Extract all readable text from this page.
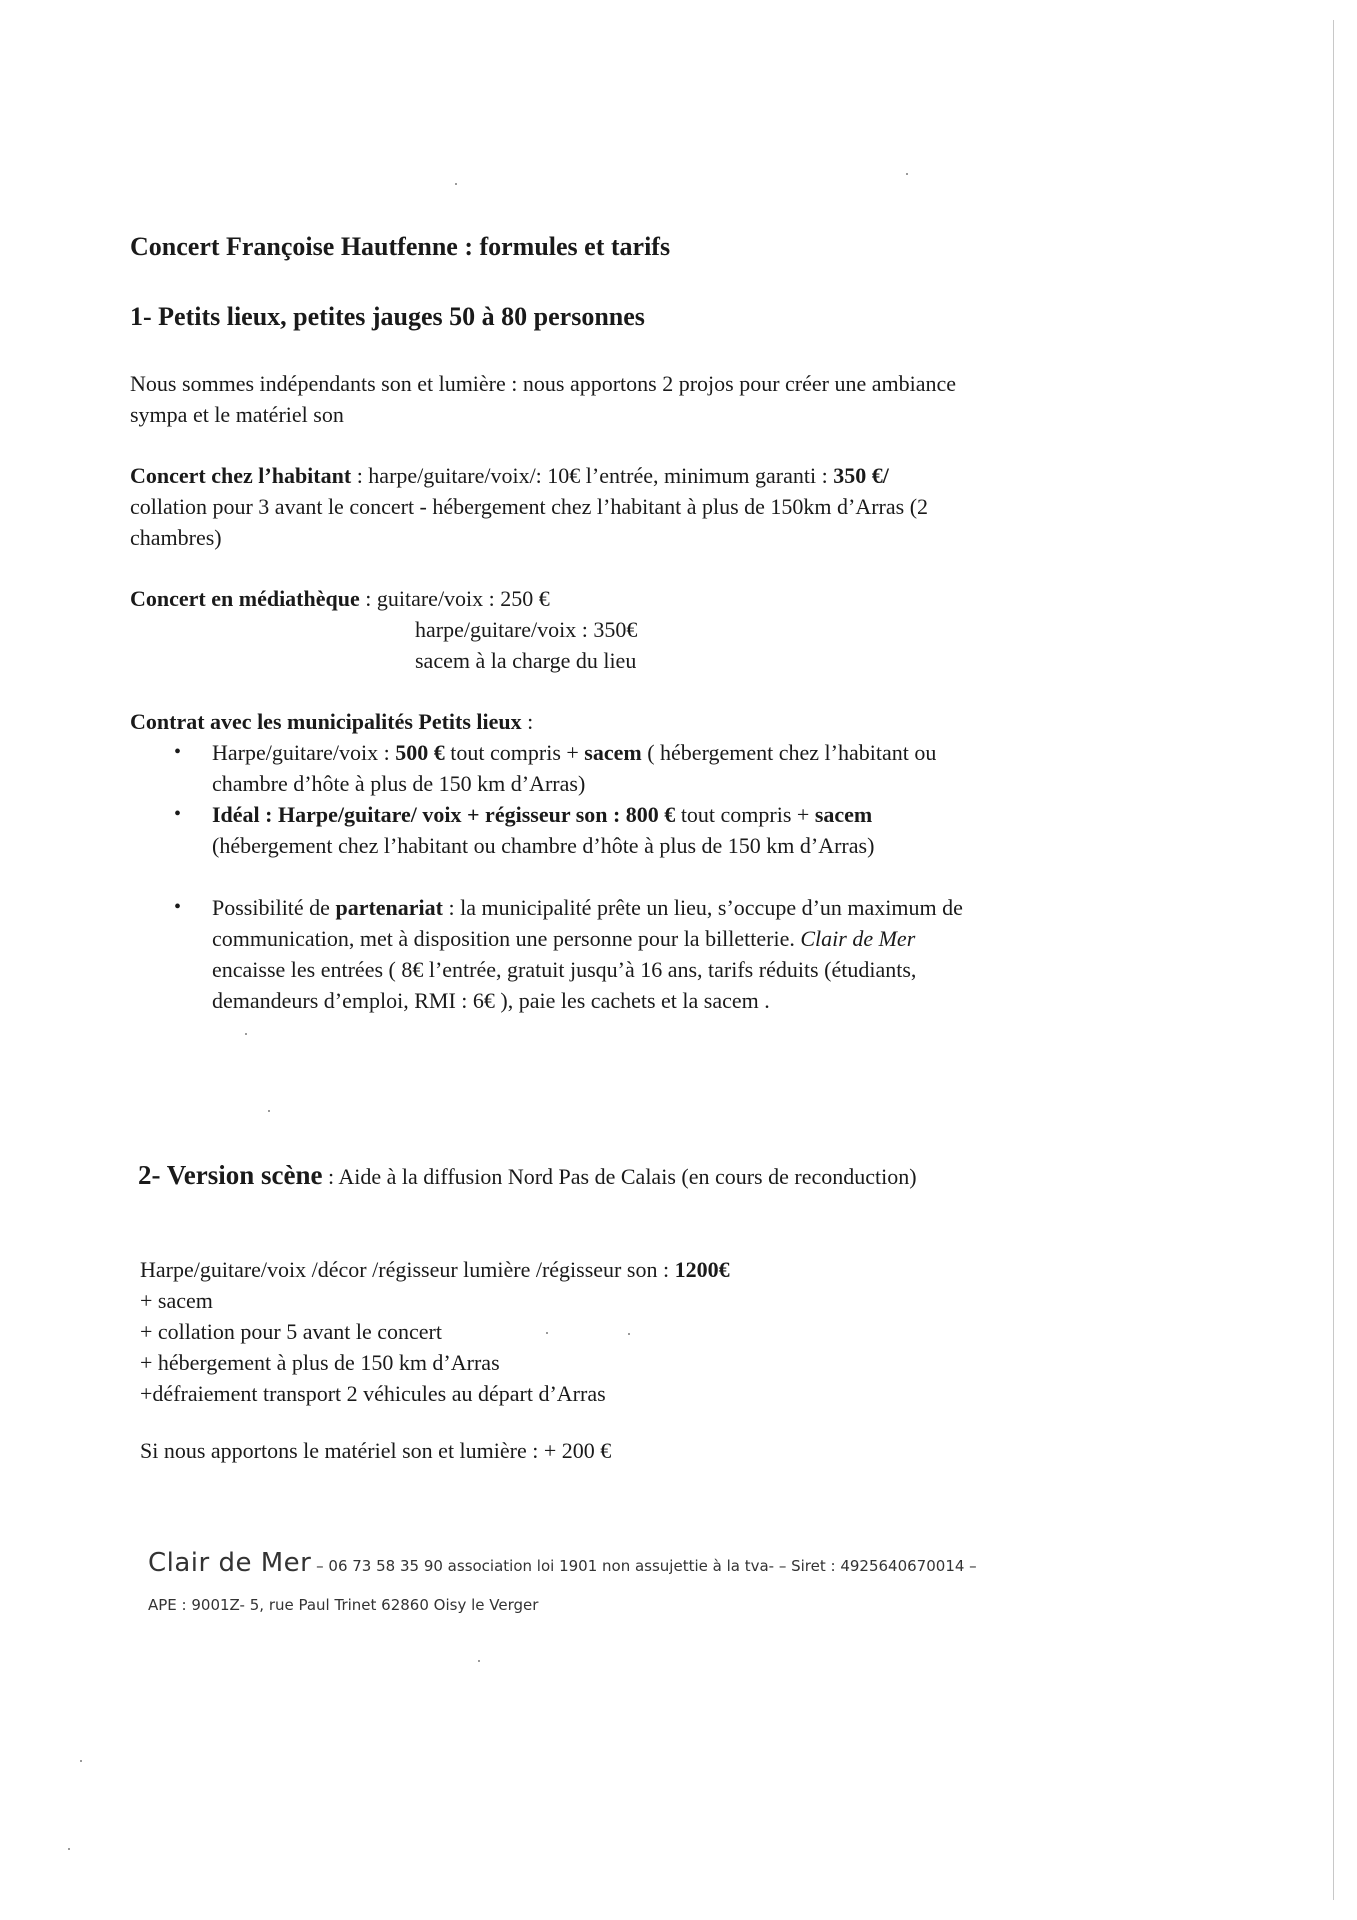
Concert Françoise Hautfenne : formules et tarifs
1- Petits lieux, petites jauges 50 à 80 personnes
Nous sommes indépendants son et lumière : nous apportons 2 projos pour créer une ambiance
sympa et le matériel son
Concert chez l’habitant : harpe/guitare/voix/: 10€ l’entrée, minimum garanti : 350 €/
collation pour 3 avant le concert - hébergement chez l’habitant à plus de 150km d’Arras (2
chambres)
Concert en médiathèque : guitare/voix : 250 €
harpe/guitare/voix : 350€
sacem à la charge du lieu
Contrat avec les municipalités Petits lieux :
• Harpe/guitare/voix : 500 € tout compris + sacem ( hébergement chez l’habitant ou
chambre d’hôte à plus de 150 km d’Arras)
• Idéal : Harpe/guitare/ voix + régisseur son : 800 € tout compris + sacem
(hébergement chez l’habitant ou chambre d’hôte à plus de 150 km d’Arras)
• Possibilité de partenariat : la municipalité prête un lieu, s’occupe d’un maximum de
communication, met à disposition une personne pour la billetterie. Clair de Mer
encaisse les entrées ( 8€ l’entrée, gratuit jusqu’à 16 ans, tarifs réduits (étudiants,
demandeurs d’emploi, RMI : 6€ ), paie les cachets et la sacem .
2- Version scène : Aide à la diffusion Nord Pas de Calais (en cours de reconduction)
Harpe/guitare/voix /décor /régisseur lumière /régisseur son : 1200€
+ sacem
+ collation pour 5 avant le concert
+ hébergement à plus de 150 km d’Arras
+défraiement transport 2 véhicules au départ d’Arras
Si nous apportons le matériel son et lumière : + 200 €
Clair de Mer – 06 73 58 35 90 association loi 1901 non assujettie à la tva- – Siret : 4925640670014 –
APE : 9001Z- 5, rue Paul Trinet 62860 Oisy le Verger
